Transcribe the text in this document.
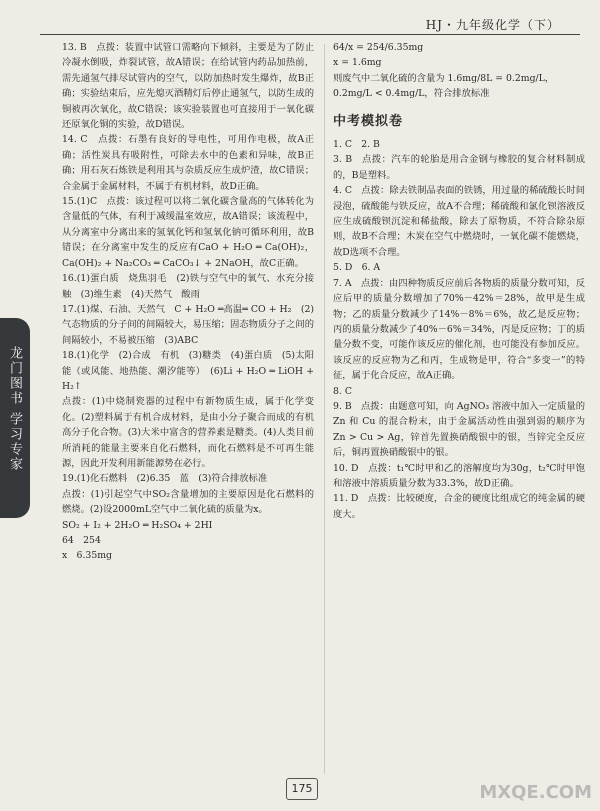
HJ・九年级化学（下）
龙门图书 学习专家

13. B　点拨：装置中试管口需略向下倾斜，主要是为了防止冷凝水倒吸，炸裂试管，故A错误；在给试管内药品加热前，需先通氢气排尽试管内的空气，以防加热时发生爆炸，故B正确；实验结束后，应先熄灭酒精灯后停止通氢气，以防生成的铜被再次氧化，故C错误；该实验装置也可直接用于一氧化碳还原氧化铜的实验，故D错误。

14. C　点拨：石墨有良好的导电性，可用作电极，故A正确；活性炭具有吸附性，可除去水中的色素和异味，故B正确；用石灰石炼铁是利用其与杂质反应生成炉渣，故C错误；合金属于金属材料，不属于有机材料，故D正确。

15.(1)C　点拨：该过程可以将二氧化碳含量高的气体转化为含量低的气体，有利于减缓温室效应，故A错误；该流程中，从分离室中分离出来的氢氧化钙和氢氧化钠可循环利用，故B错误；在分离室中发生的反应有CaO + H₂O ═ Ca(OH)₂，Ca(OH)₂ + Na₂CO₃ ═ CaCO₃↓ + 2NaOH，故C正确。

16.(1)蛋白质　烧焦羽毛　(2)铁与空气中的氧气、水充分接触　(3)维生素　(4)天然气　酸雨

17.(1)煤、石油、天然气　C + H₂O ═高温═ CO + H₂　(2)气态物质的分子间的间隔较大，易压缩；固态物质分子之间的间隔较小，不易被压缩　(3)ABC

18.(1)化学　(2)合成　有机　(3)糖类　(4)蛋白质　(5)太阳能（或风能、地热能、潮汐能等）　(6)Li + H₂O ═ LiOH + H₂↑

点拨：(1)中烧制瓷器的过程中有新物质生成，属于化学变化。(2)塑料属于有机合成材料，是由小分子聚合而成的有机高分子化合物。(3)大米中富含的营养素是糖类。(4)人类目前所消耗的能量主要来自化石燃料，而化石燃料是不可再生能源，因此开发利用新能源势在必行。

19.(1)化石燃料　(2)6.35　蓝　(3)符合排放标准

点拨：(1)引起空气中SO₂含量增加的主要原因是化石燃料的燃烧。(2)设2000mL空气中二氧化硫的质量为x。

SO₂ + I₂ + 2H₂O ═ H₂SO₄ + 2HI

64　254

x　6.35mg

64/x = 254/6.35mg

x = 1.6mg

则废气中二氧化硫的含量为 1.6mg/8L = 0.2mg/L，

0.2mg/L < 0.4mg/L，符合排放标准

中考模拟卷

1. C　2. B

3. B　点拨：汽车的轮胎是用合金钢与橡胶的复合材料制成的，B是塑料。

4. C　点拨：除去铁制品表面的铁锈，用过量的稀硫酸长时间浸泡，硫酸能与铁反应，故A不合理；稀硫酸和氯化钡溶液反应生成硫酸钡沉淀和稀盐酸，除去了原物质，不符合除杂原则，故B不合理；木炭在空气中燃烧时，一氧化碳不能燃烧，故D选项不合理。

5. D　6. A

7. A　点拨：由四种物质反应前后各物质的质量分数可知，反应后甲的质量分数增加了70%－42%＝28%，故甲是生成物；乙的质量分数减少了14%－8%＝6%，故乙是反应物；丙的质量分数减少了40%－6%＝34%，丙是反应物；丁的质量分数不变，可能作该反应的催化剂，也可能没有参加反应。该反应的反应物为乙和丙，生成物是甲，符合“多变一”的特征，属于化合反应，故A正确。

8. C

9. B　点拨：由题意可知，向 AgNO₃ 溶液中加入一定质量的 Zn 和 Cu 的混合粉末，由于金属活动性由强到弱的顺序为 Zn > Cu > Ag，锌首先置换硝酸银中的银，当锌完全反应后，铜再置换硝酸银中的银。

10. D　点拨：t₁℃时甲和乙的溶解度均为30g，t₂℃时甲饱和溶液中溶质质量分数为33.3%，故D正确。

11. D　点拨：比较硬度，合金的硬度比组成它的纯金属的硬度大。

175	MXQE.COM
